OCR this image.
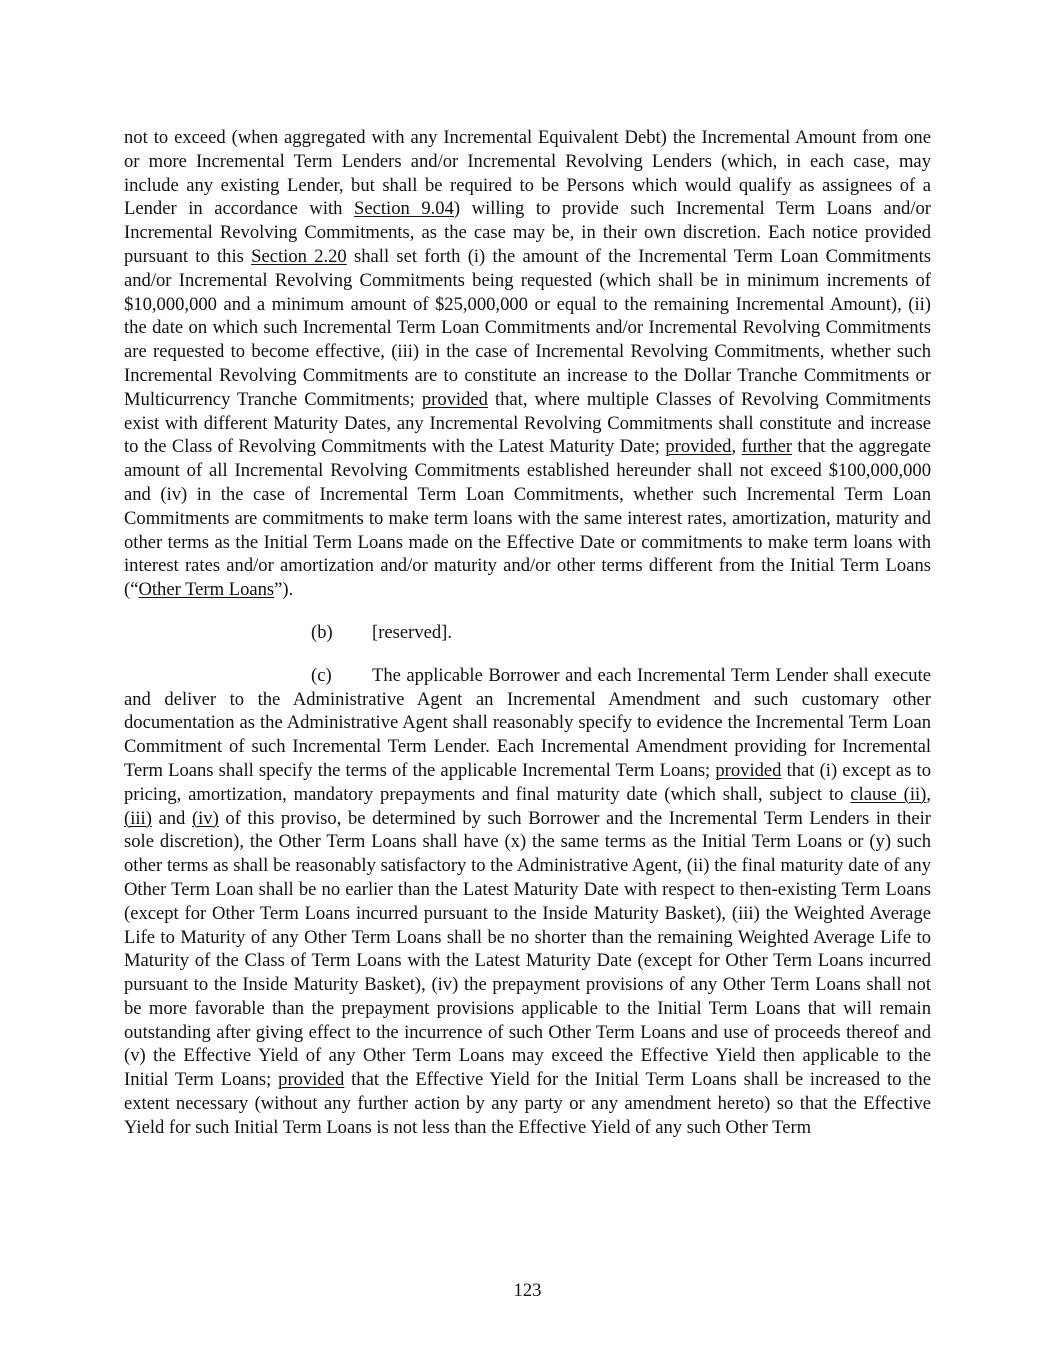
not to exceed (when aggregated with any Incremental Equivalent Debt) the Incremental Amount from one or more Incremental Term Lenders and/or Incremental Revolving Lenders (which, in each case, may include any existing Lender, but shall be required to be Persons which would qualify as assignees of a Lender in accordance with Section 9.04) willing to provide such Incremental Term Loans and/or Incremental Revolving Commitments, as the case may be, in their own discretion. Each notice provided pursuant to this Section 2.20 shall set forth (i) the amount of the Incremental Term Loan Commitments and/or Incremental Revolving Commitments being requested (which shall be in minimum increments of $10,000,000 and a minimum amount of $25,000,000 or equal to the remaining Incremental Amount), (ii) the date on which such Incremental Term Loan Commitments and/or Incremental Revolving Commitments are requested to become effective, (iii) in the case of Incremental Revolving Commitments, whether such Incremental Revolving Commitments are to constitute an increase to the Dollar Tranche Commitments or Multicurrency Tranche Commitments; provided that, where multiple Classes of Revolving Commitments exist with different Maturity Dates, any Incremental Revolving Commitments shall constitute and increase to the Class of Revolving Commitments with the Latest Maturity Date; provided, further that the aggregate amount of all Incremental Revolving Commitments established hereunder shall not exceed $100,000,000 and (iv) in the case of Incremental Term Loan Commitments, whether such Incremental Term Loan Commitments are commitments to make term loans with the same interest rates, amortization, maturity and other terms as the Initial Term Loans made on the Effective Date or commitments to make term loans with interest rates and/or amortization and/or maturity and/or other terms different from the Initial Term Loans (“Other Term Loans”).

(b) [reserved].

(c) The applicable Borrower and each Incremental Term Lender shall execute and deliver to the Administrative Agent an Incremental Amendment and such customary other documentation as the Administrative Agent shall reasonably specify to evidence the Incremental Term Loan Commitment of such Incremental Term Lender. Each Incremental Amendment providing for Incremental Term Loans shall specify the terms of the applicable Incremental Term Loans; provided that (i) except as to pricing, amortization, mandatory prepayments and final maturity date (which shall, subject to clause (ii), (iii) and (iv) of this proviso, be determined by such Borrower and the Incremental Term Lenders in their sole discretion), the Other Term Loans shall have (x) the same terms as the Initial Term Loans or (y) such other terms as shall be reasonably satisfactory to the Administrative Agent, (ii) the final maturity date of any Other Term Loan shall be no earlier than the Latest Maturity Date with respect to then-existing Term Loans (except for Other Term Loans incurred pursuant to the Inside Maturity Basket), (iii) the Weighted Average Life to Maturity of any Other Term Loans shall be no shorter than the remaining Weighted Average Life to Maturity of the Class of Term Loans with the Latest Maturity Date (except for Other Term Loans incurred pursuant to the Inside Maturity Basket), (iv) the prepayment provisions of any Other Term Loans shall not be more favorable than the prepayment provisions applicable to the Initial Term Loans that will remain outstanding after giving effect to the incurrence of such Other Term Loans and use of proceeds thereof and (v) the Effective Yield of any Other Term Loans may exceed the Effective Yield then applicable to the Initial Term Loans; provided that the Effective Yield for the Initial Term Loans shall be increased to the extent necessary (without any further action by any party or any amendment hereto) so that the Effective Yield for such Initial Term Loans is not less than the Effective Yield of any such Other Term

123
